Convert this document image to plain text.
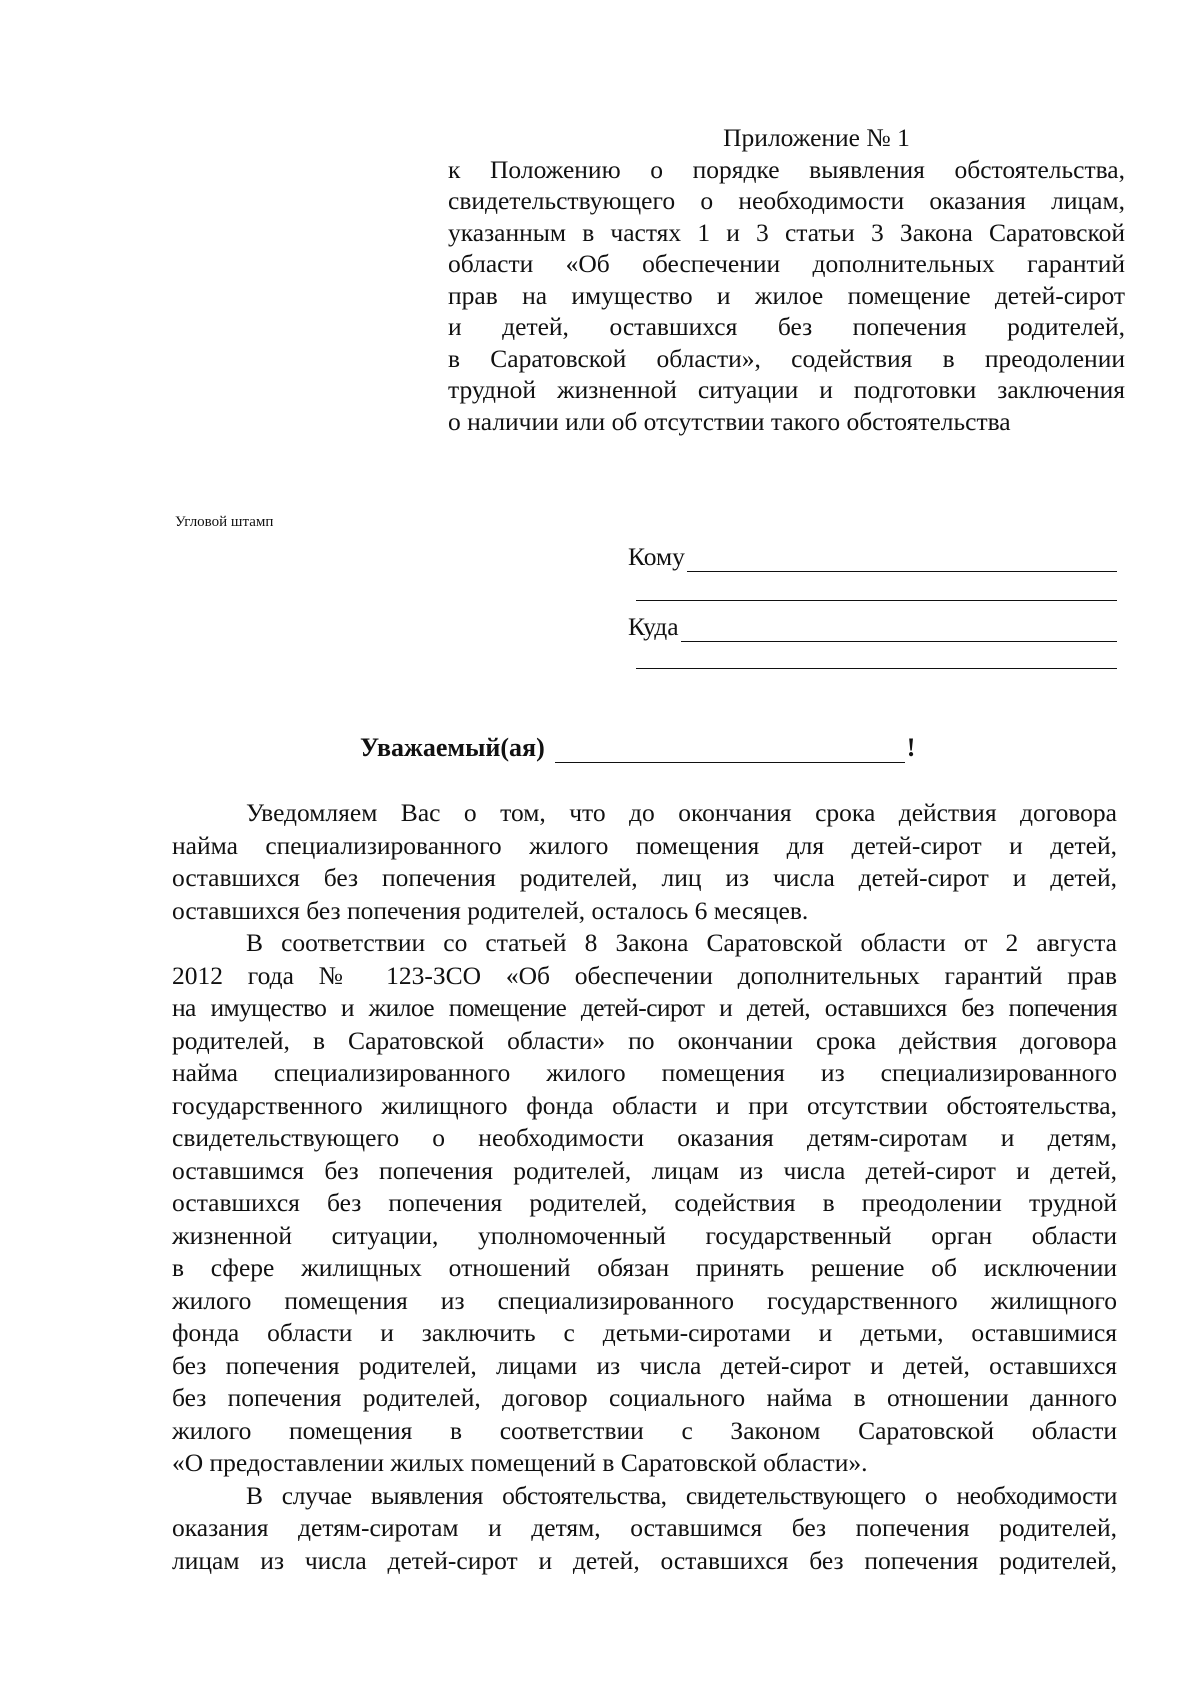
Приложение № 1

к Положению о порядке выявления обстоятельства,

свидетельствующего о необходимости оказания лицам,

указанным в частях 1 и 3 статьи 3 Закона Саратовской

области «Об обеспечении дополнительных гарантий

прав на имущество и жилое помещение детей-сирот

и детей, оставшихся без попечения родителей,

в Саратовской области», содействия в преодолении

трудной жизненной ситуации и подготовки заключения

о наличии или об отсутствии такого обстоятельства

Угловой штамп
Кому
Куда
Уважаемый(ая)	!

Уведомляем Вас о том, что до окончания срока действия договора

найма специализированного жилого помещения для детей-сирот и детей,

оставшихся без попечения родителей, лиц из числа детей-сирот и детей,

оставшихся без попечения родителей, осталось 6 месяцев.

В соответствии со статьей 8 Закона Саратовской области от 2 августа

2012 года № 123-ЗСО «Об обеспечении дополнительных гарантий прав

на имущество и жилое помещение детей-сирот и детей, оставшихся без попечения

родителей, в Саратовской области» по окончании срока действия договора

найма специализированного жилого помещения из специализированного

государственного жилищного фонда области и при отсутствии обстоятельства,

свидетельствующего о необходимости оказания детям-сиротам и детям,

оставшимся без попечения родителей, лицам из числа детей-сирот и детей,

оставшихся без попечения родителей, содействия в преодолении трудной

жизненной ситуации, уполномоченный государственный орган области

в сфере жилищных отношений обязан принять решение об исключении

жилого помещения из специализированного государственного жилищного

фонда области и заключить с детьми-сиротами и детьми, оставшимися

без попечения родителей, лицами из числа детей-сирот и детей, оставшихся

без попечения родителей, договор социального найма в отношении данного

жилого помещения в соответствии с Законом Саратовской области

«О предоставлении жилых помещений в Саратовской области».

В случае выявления обстоятельства, свидетельствующего о необходимости

оказания детям-сиротам и детям, оставшимся без попечения родителей,

лицам из числа детей-сирот и детей, оставшихся без попечения родителей,
